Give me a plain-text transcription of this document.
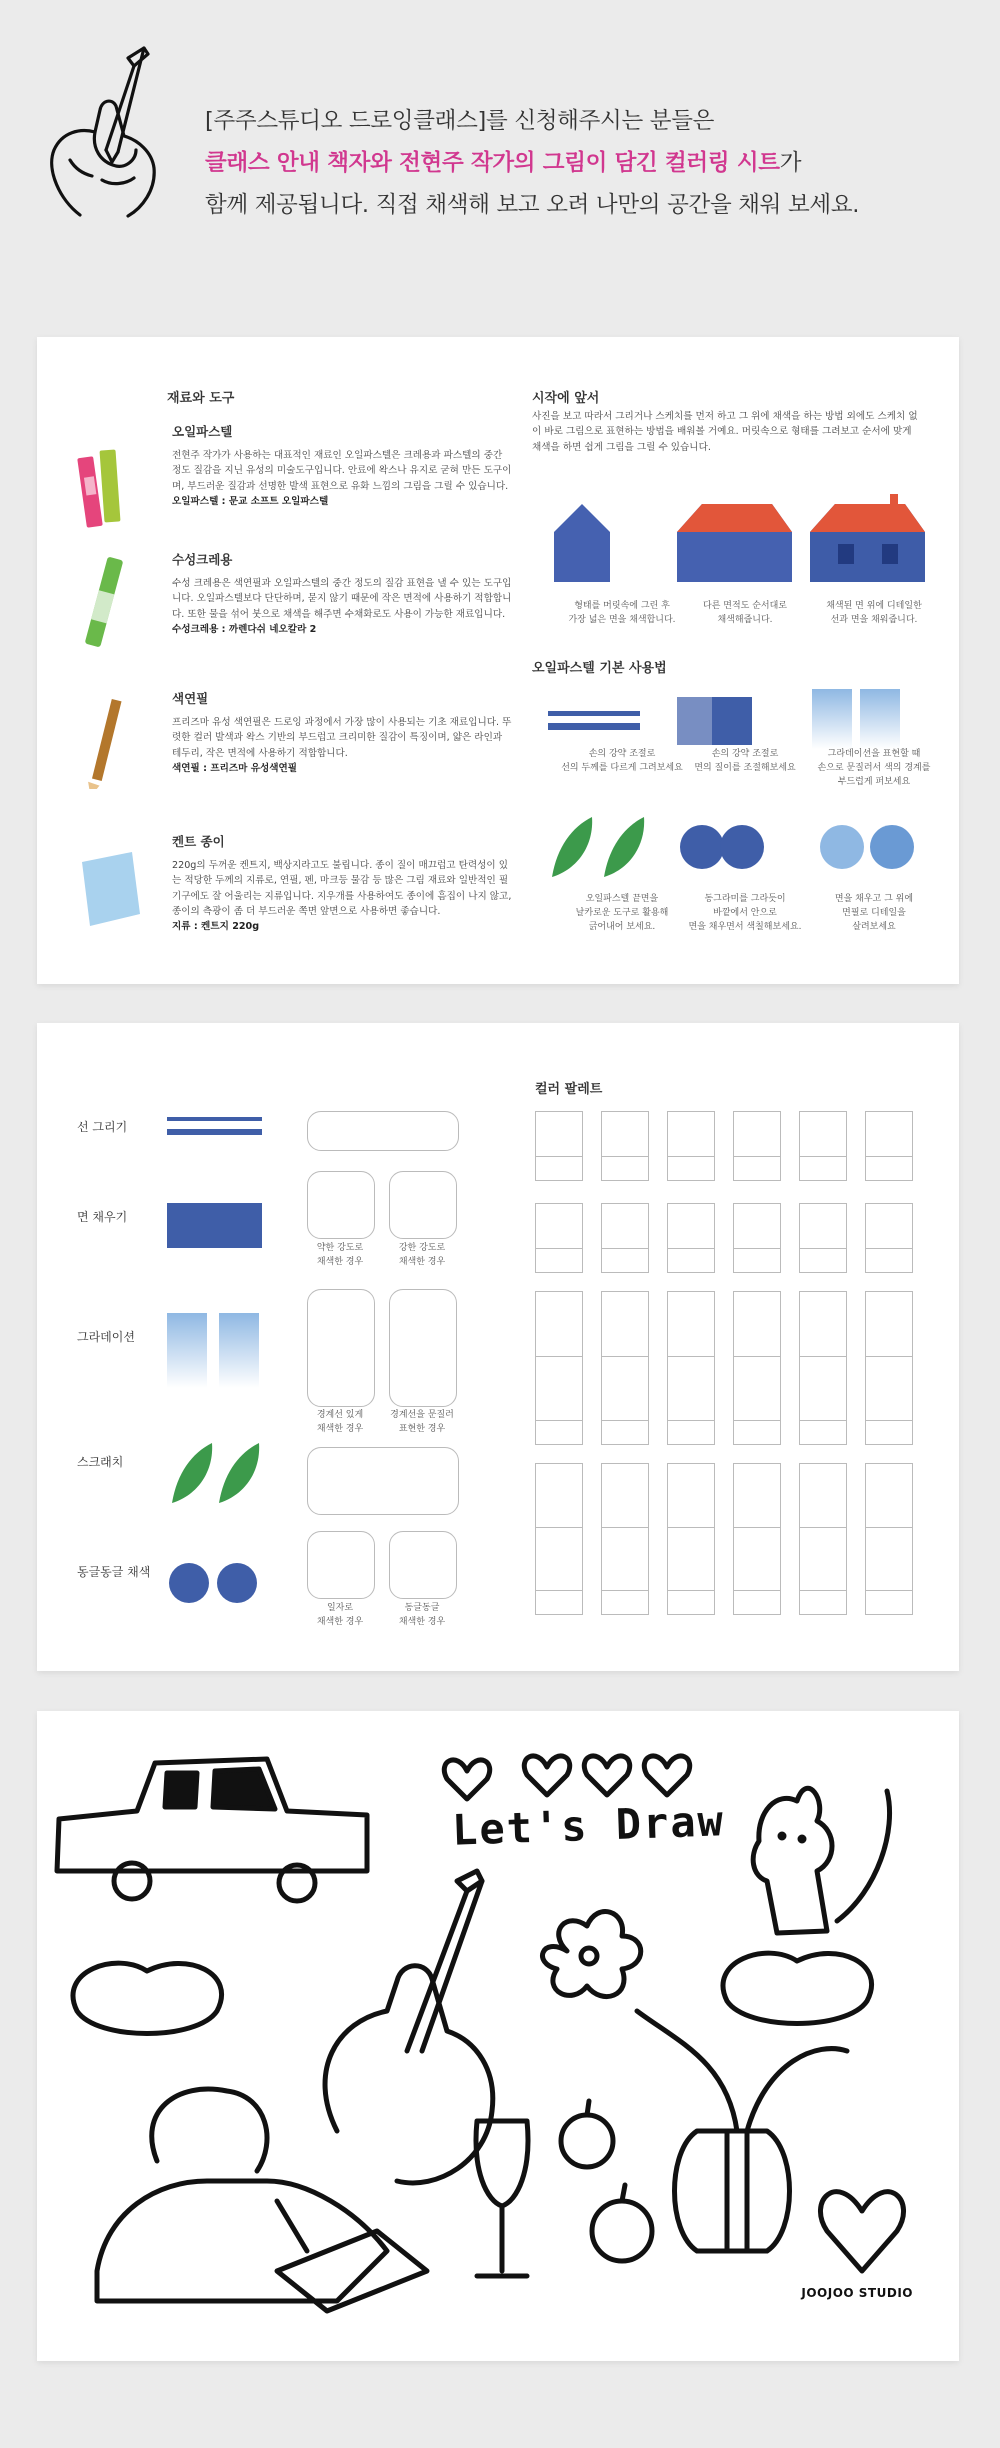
[주주스튜디오 드로잉클래스]를 신청해주시는 분들은
클래스 안내 책자와 전현주 작가의 그림이 담긴 컬러링 시트가
함께 제공됩니다. 직접 채색해 보고 오려 나만의 공간을 채워 보세요.
재료와 도구
오일파스텔
전현주 작가가 사용하는 대표적인 재료인 오일파스텔은 크레용과 파스텔의 중간 정도 질감을 지닌 유성의 미술도구입니다. 안료에 왁스나 유지로 굳혀 만든 도구이며, 부드러운 질감과 선명한 발색 표현으로 유화 느낌의 그림을 그릴 수 있습니다.
오일파스텔 : 문교 소프트 오일파스텔
수성크레용
수성 크레용은 색연필과 오일파스텔의 중간 정도의 질감 표현을 낼 수 있는 도구입니다. 오일파스텔보다 단단하며, 묻지 않기 때문에 작은 면적에 사용하기 적합합니다. 또한 물을 섞어 붓으로 채색을 해주면 수채화로도 사용이 가능한 재료입니다.
수성크레용 : 까렌다쉬 네오칼라 2
색연필
프리즈마 유성 색연필은 드로잉 과정에서 가장 많이 사용되는 기초 재료입니다. 뚜렷한 컬러 발색과 왁스 기반의 부드럽고 크리미한 질감이 특징이며, 얇은 라인과 테두리, 작은 면적에 사용하기 적합합니다.
색연필 : 프리즈마 유성색연필
켄트 종이
220g의 두꺼운 켄트지, 백상지라고도 불립니다. 종이 질이 매끄럽고 탄력성이 있는 적당한 두께의 지류로, 연필, 펜, 마크등 물감 등 많은 그림 재료와 일반적인 필기구에도 잘 어울리는 지류입니다. 지우개를 사용하여도 종이에 흠집이 나지 않고, 종이의 측광이 좀 더 부드러운 쪽면 앞면으로 사용하면 좋습니다.
지류 : 켄트지 220g
시작에 앞서
사진을 보고 따라서 그리거나 스케치를 먼저 하고 그 위에 채색을 하는 방법 외에도 스케치 없이 바로 그림으로 표현하는 방법을 배워볼 거예요. 머릿속으로 형태를 그려보고 순서에 맞게 채색을 하면 쉽게 그림을 그릴 수 있습니다.
형태를 머릿속에 그린 후
가장 넓은 면을 채색합니다.
다른 면적도 순서대로
채색해줍니다.
채색된 면 위에 디테일한
선과 면을 채워줍니다.
오일파스텔 기본 사용법
손의 강약 조절로
선의 두께를 다르게 그려보세요
손의 강약 조절로
면의 질이를 조절해보세요
그라데이션을 표현할 때
손으로 문질러서 색의 경계를
부드럽게 퍼보세요
오일파스텔 끝면을
날카로운 도구로 활용해
긁어내어 보세요.
동그라미를 그라듯이
바깥에서 안으로
면을 채우면서 색칠해보세요.
면을 채우고 그 위에
면필로 디테일을
살려보세요
선 그리기
면 채우기
그라데이션
스크래치
동글동글 채색
약한 강도로
채색한 경우
강한 강도로
채색한 경우
경계선 있게
채색한 경우
경계선을 문질러
표현한 경우
일자로
채색한 경우
동글동글
채색한 경우
컬러 팔레트
Let's Draw
JOOJOO STUDIO
